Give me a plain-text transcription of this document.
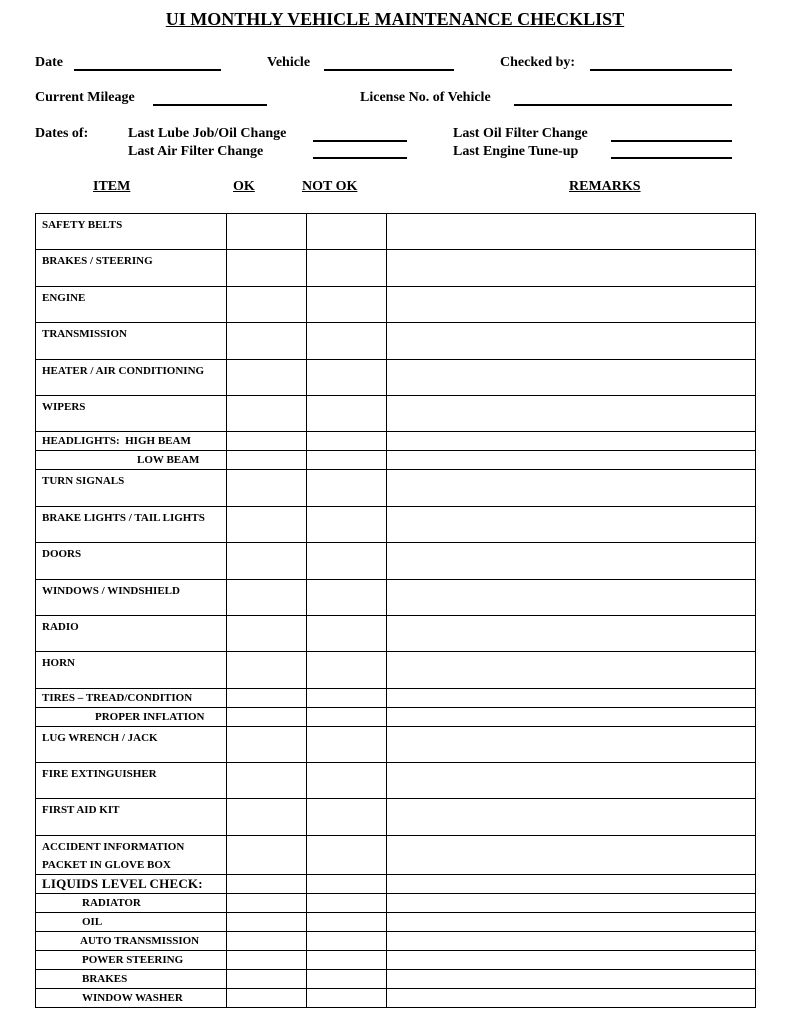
UI MONTHLY VEHICLE MAINTENANCE CHECKLIST
Date	Vehicle	Checked by:
Current Mileage	License No. of Vehicle
Dates of:	Last Lube Job/Oil Change	Last Oil Filter Change
Last Air Filter Change	Last Engine Tune-up
ITEM	OK	NOT OK	REMARKS
SAFETY BELTS			
BRAKES / STEERING			
ENGINE			
TRANSMISSION			
HEATER / AIR CONDITIONING			
WIPERS			
HEADLIGHTS:  HIGH BEAM			
LOW BEAM			
TURN SIGNALS			
BRAKE LIGHTS / TAIL LIGHTS			
DOORS			
WINDOWS / WINDSHIELD			
RADIO			
HORN			
TIRES – TREAD/CONDITION			
PROPER INFLATION			
LUG WRENCH / JACK			
FIRE EXTINGUISHER			
FIRST AID KIT			
ACCIDENT INFORMATION
PACKET IN GLOVE BOX			
LIQUIDS LEVEL CHECK:			
RADIATOR			
OIL			
AUTO TRANSMISSION			
POWER STEERING			
BRAKES			
WINDOW WASHER			
